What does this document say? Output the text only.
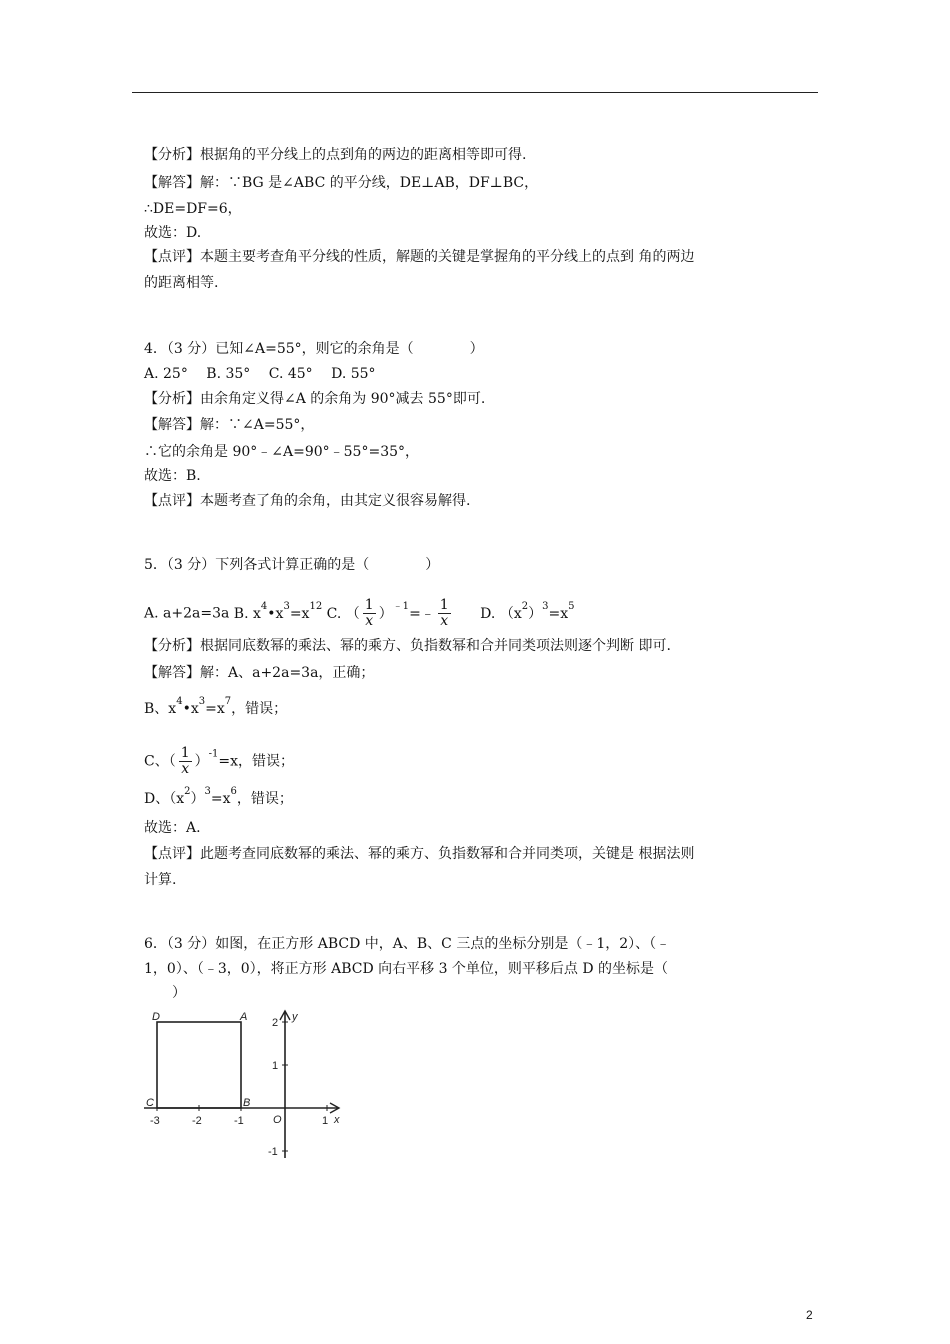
【分析】根据角的平分线上的点到角的两边的距离相等即可得.
【解答】解：∵BG 是∠ABC 的平分线，DE⊥AB，DF⊥BC，
∴DE=DF=6，
故选：D.
【点评】本题主要考查角平分线的性质，解题的关键是掌握角的平分线上的点到 角的两边
的距离相等.
4．（3 分）已知∠A=55°，则它的余角是（　　　　）
A. 25°　 B. 35°　 C. 45°　 D. 55°
【分析】由余角定义得∠A 的余角为 90°减去 55°即可.
【解答】解：∵∠A=55°，
∴它的余角是 90°﹣∠A=90°﹣55°=35°，
故选：B.
【点评】本题考查了角的余角，由其定义很容易解得.
5．（3 分）下列各式计算正确的是（　　　　）
A. a+2a=3a B. $x^4•x^3=x^{12}$ C. （ $\frac{1}{x}$ ）$^{﹣1}$=﹣ $\frac{1}{x} D$. $(x^2)^3=x^5$
【分析】根据同底数幂的乘法、幂的乘方、负指数幂和合并同类项法则逐个判断 即可.
【解答】解：A、a+2a=3a，正确；
B、$x^4•x^3=x^7$，错误；
C、（ $\frac{1}{x} )^{-1}=x$，错误；
D、$(x^2)^3=x^6$，错误；
故选：A.
【点评】此题考查同底数幂的乘法、幂的乘方、负指数幂和合并同类项，关键是 根据法则
计算.
6．（3 分）如图，在正方形 ABCD 中，A、B、C 三点的坐标分别是（﹣1，2）、（﹣
1，0）、（﹣3，0），将正方形 ABCD 向右平移 3 个单位，则平移后点 D 的坐标是（
　　）
D	A
C	B
O	x
y
-3	-2	-1	1
2
1
-1
2
